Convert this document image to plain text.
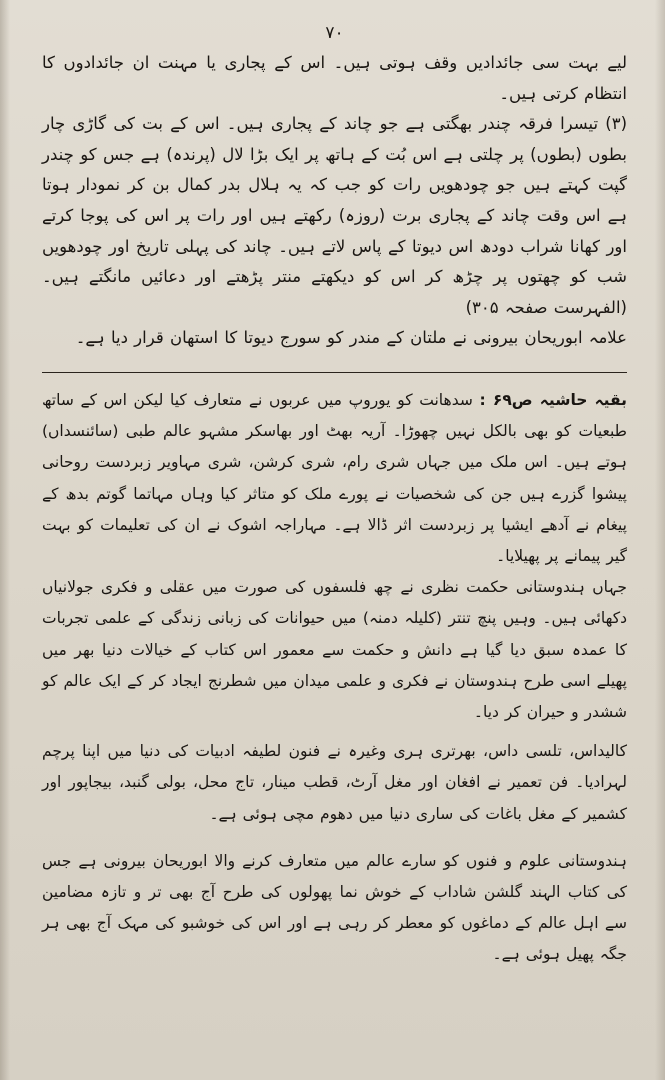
۷۰

لیے بہت سی جائدادیں وقف ہوتی ہیں۔ اس کے پجاری یا مہنت ان جائدادوں کا انتظام کرتی ہیں۔

(۳) تیسرا فرقہ چندر بھگتی ہے جو چاند کے پجاری ہیں۔ اس کے بت کی گاڑی چار بطوں (بطوں) پر چلتی ہے اس بُت کے ہاتھ پر ایک بڑا لال (پرندہ) ہے جس کو چندر گپت کہتے ہیں جو چودھویں رات کو جب کہ یہ ہلال بدر کمال بن کر نمودار ہوتا ہے اس وقت چاند کے پجاری برت (روزہ) رکھتے ہیں اور رات پر اس کی پوجا کرتے اور کھانا شراب دودھ اس دیوتا کے پاس لاتے ہیں۔ چاند کی پہلی تاریخ اور چودھویں شب کو چھتوں پر چڑھ کر اس کو دیکھتے منتر پڑھتے اور دعائیں مانگتے ہیں۔ (الفہرست صفحہ ۳۰۵)

علامہ ابوریحان بیرونی نے ملتان کے مندر کو سورج دیوتا کا استھان قرار دیا ہے۔

بقیہ حاشیہ ص۶۹ : سدھانت کو یوروپ میں عربوں نے متعارف کیا لیکن اس کے ساتھ طبعیات کو بھی بالکل نہیں چھوڑا۔ آریہ بھٹ اور بھاسکر مشہو عالم طبی (سائنسداں) ہوتے ہیں۔ اس ملک میں جہاں شری رام، شری کرشن، شری مہاویر زبردست روحانی پیشوا گزرے ہیں جن کی شخصیات نے پورے ملک کو متاثر کیا وہاں مہاتما گوتم بدھ کے پیغام نے آدھے ایشیا پر زبردست اثر ڈالا ہے۔ مہاراجہ اشوک نے ان کی تعلیمات کو بہت گیر پیمانے پر پھیلایا۔

جہاں ہندوستانی حکمت نظری نے چھ فلسفوں کی صورت میں عقلی و فکری جولانیاں دکھائی ہیں۔ وہیں پنچ تنتر (کلیلہ دمنہ) میں حیوانات کی زبانی زندگی کے علمی تجربات کا عمدہ سبق دیا گیا ہے دانش و حکمت سے معمور اس کتاب کے خیالات دنیا بھر میں پھیلے اسی طرح ہندوستان نے فکری و علمی میدان میں شطرنج ایجاد کر کے ایک عالم کو ششدر و حیران کر دیا۔

کالیداس، تلسی داس، بھرتری ہری وغیرہ نے فنون لطیفہ ادبیات کی دنیا میں اپنا پرچم لہرادیا۔ فن تعمیر نے افغان اور مغل آرٹ، قطب مینار، تاج محل، بولی گنبد، بیجاپور اور کشمیر کے مغل باغات کی ساری دنیا میں دھوم مچی ہوئی ہے۔

ہندوستانی علوم و فنوں کو سارے عالم میں متعارف کرنے والا ابوریحان بیرونی ہے جس کی کتاب الہند گلشن شاداب کے خوش نما پھولوں کی طرح آج بھی تر و تازہ مضامین سے اہل عالم کے دماغوں کو معطر کر رہی ہے اور اس کی خوشبو کی مہک آج بھی ہر جگہ پھیل ہوئی ہے۔
